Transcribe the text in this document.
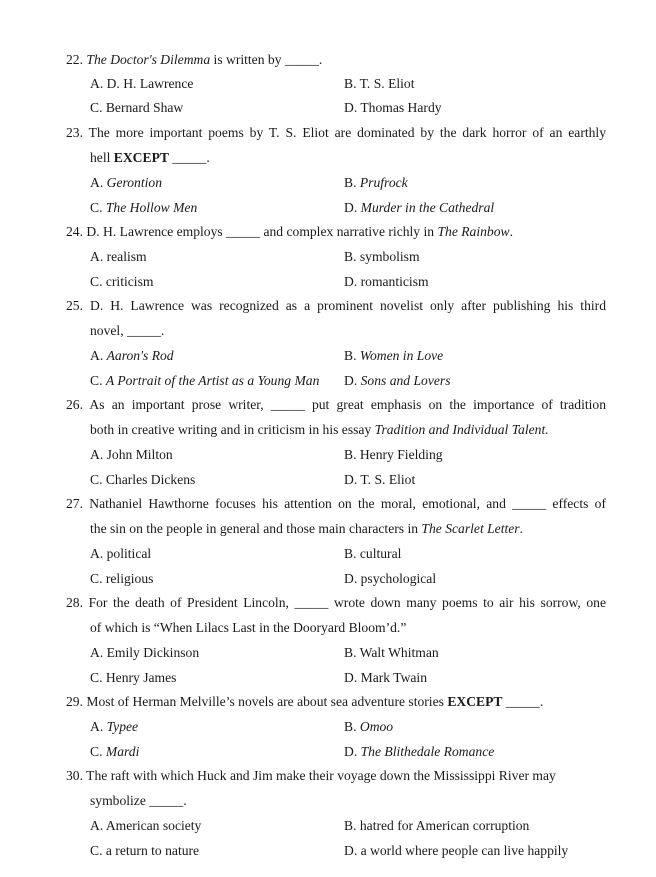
22. The Doctor's Dilemma is written by _____.
A. D. H. Lawrence	B. T. S. Eliot
C. Bernard Shaw	D. Thomas Hardy
23. The more important poems by T. S. Eliot are dominated by the dark horror of an earthly
hell EXCEPT _____.
A. Gerontion	B. Prufrock
C. The Hollow Men	D. Murder in the Cathedral
24. D. H. Lawrence employs _____ and complex narrative richly in The Rainbow.
A. realism	B. symbolism
C. criticism	D. romanticism
25. D. H. Lawrence was recognized as a prominent novelist only after publishing his third
novel, _____.
A. Aaron's Rod	B. Women in Love
C. A Portrait of the Artist as a Young Man D. Sons and Lovers
26. As an important prose writer, _____ put great emphasis on the importance of tradition
both in creative writing and in criticism in his essay Tradition and Individual Talent.
A. John Milton	B. Henry Fielding
C. Charles Dickens	D. T. S. Eliot
27. Nathaniel Hawthorne focuses his attention on the moral, emotional, and _____ effects of
the sin on the people in general and those main characters in The Scarlet Letter.
A. political	B. cultural
C. religious	D. psychological
28. For the death of President Lincoln, _____ wrote down many poems to air his sorrow, one
of which is “When Lilacs Last in the Dooryard Bloom’d.”
A. Emily Dickinson	B. Walt Whitman
C. Henry James	D. Mark Twain
29. Most of Herman Melville’s novels are about sea adventure stories EXCEPT _____.
A. Typee	B. Omoo
C. Mardi	D. The Blithedale Romance
30. The raft with which Huck and Jim make their voyage down the Mississippi River may
symbolize _____.
A. American society	B. hatred for American corruption
C. a return to nature	D. a world where people can live happily
